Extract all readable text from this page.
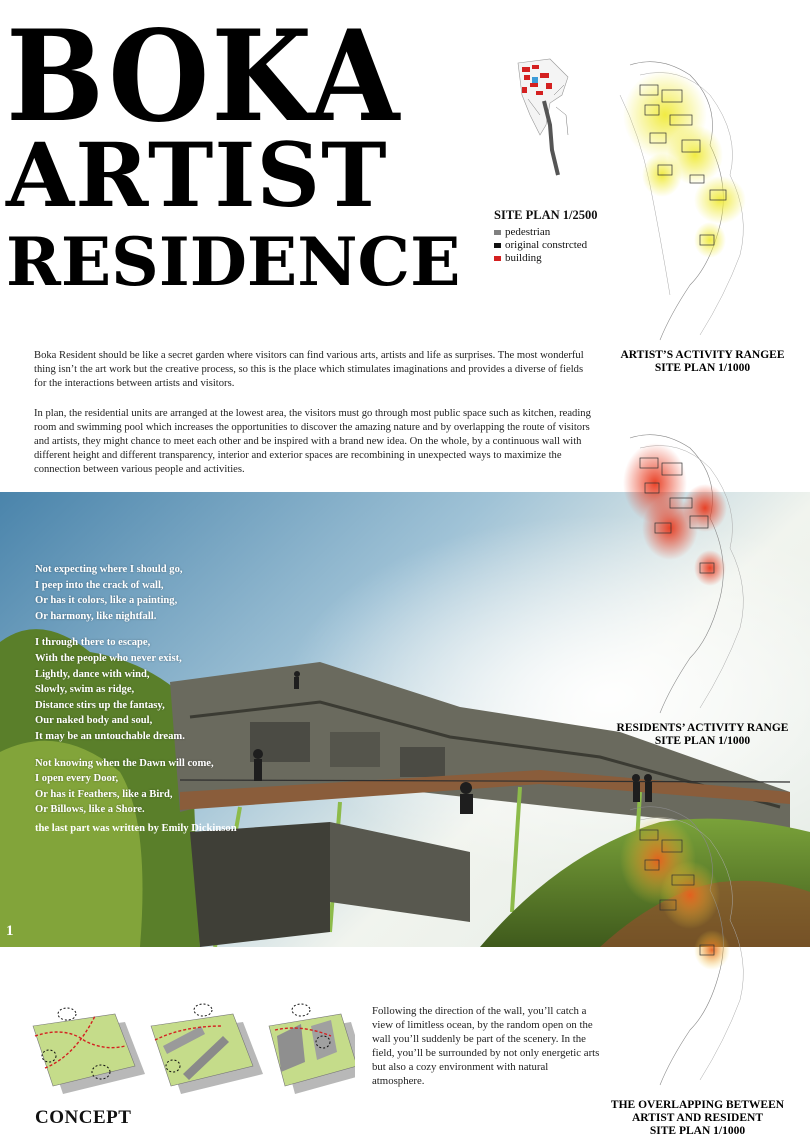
BOKA
ARTIST
RESIDENCE
SITE PLAN 1/2500
pedestrian
original constrcted
building
ARTIST’S ACTIVITY RANGEE
SITE PLAN 1/1000
Boka Resident should be like a secret garden where visitors can find various arts, artists and life as surprises. The most wonderful thing isn’t the art work but the creative process, so this is the place which stimulates imaginations and provides a diverse of fields for the interactions between artists and visitors.
In plan, the residential units are arranged at the lowest area, the visitors must go through most public space such as kitchen, reading room and swimming pool which increases the opportunities to discover the amazing nature and by overlapping the route of visitors and artists, they might chance to meet each other and be inspired with a brand new idea. On the whole, by a continuous wall with different height and different transparency, interior and exterior spaces are recombining in unexpected ways to maximize the connection between various people and activities.
RESIDENTS’ ACTIVITY RANGE
SITE PLAN 1/1000
Not expecting where I should go,
I peep into the crack of wall,
Or has it colors, like a painting,
Or harmony, like nightfall.
I through there to escape,
With the people who never exist,
Lightly, dance with wind,
Slowly, swim as ridge,
Distance stirs up the fantasy,
Our naked body and soul,
It may be an untouchable dream.
Not knowing when the Dawn will come,
I open every Door,
Or has it Feathers, like a Bird,
Or Billows, like a Shore.
the last part was written by Emily Dickinson
1
Following the direction of the wall, you’ll catch a view of limitless ocean, by the random open on the wall you’ll suddenly be part of the scenery. In the field, you’ll be surrounded by not only energetic arts but also a cozy environment with natural atmosphere.
CONCEPT
THE OVERLAPPING BETWEEN
ARTIST AND RESIDENT
SITE PLAN 1/1000
